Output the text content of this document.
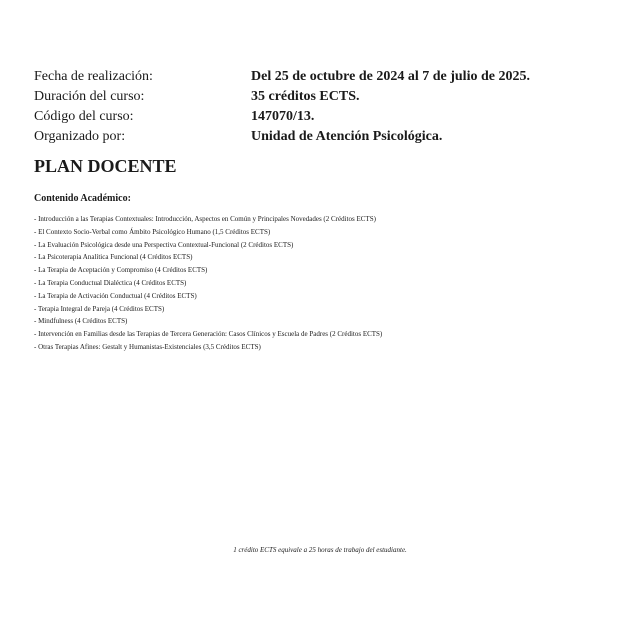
Fecha de realización:	Del 25 de octubre de 2024 al 7 de julio de 2025.
Duración del curso:	35 créditos ECTS.
Código del curso:	147070/13.
Organizado por:	Unidad de Atención Psicológica.
PLAN DOCENTE
Contenido Académico:
- Introducción a las Terapias Contextuales: Introducción, Aspectos en Común y Principales Novedades (2 Créditos ECTS)
- El Contexto Socio-Verbal como Ámbito Psicológico Humano (1,5 Créditos ECTS)
- La Evaluación Psicológica desde una Perspectiva Contextual-Funcional (2 Créditos ECTS)
- La Psicoterapia Analítica Funcional (4 Créditos ECTS)
- La Terapia de Aceptación y Compromiso (4 Créditos ECTS)
- La Terapia Conductual Dialéctica (4 Créditos ECTS)
- La Terapia de Activación Conductual (4 Créditos ECTS)
- Terapia Integral de Pareja (4 Créditos ECTS)
- Mindfulness (4 Créditos ECTS)
- Intervención en Familias desde las Terapias de Tercera Generación: Casos Clínicos y Escuela de Padres (2 Créditos ECTS)
- Otras Terapias Afines: Gestalt y Humanistas-Existenciales (3,5 Créditos ECTS)
1 crédito ECTS equivale a 25 horas de trabajo del estudiante.
